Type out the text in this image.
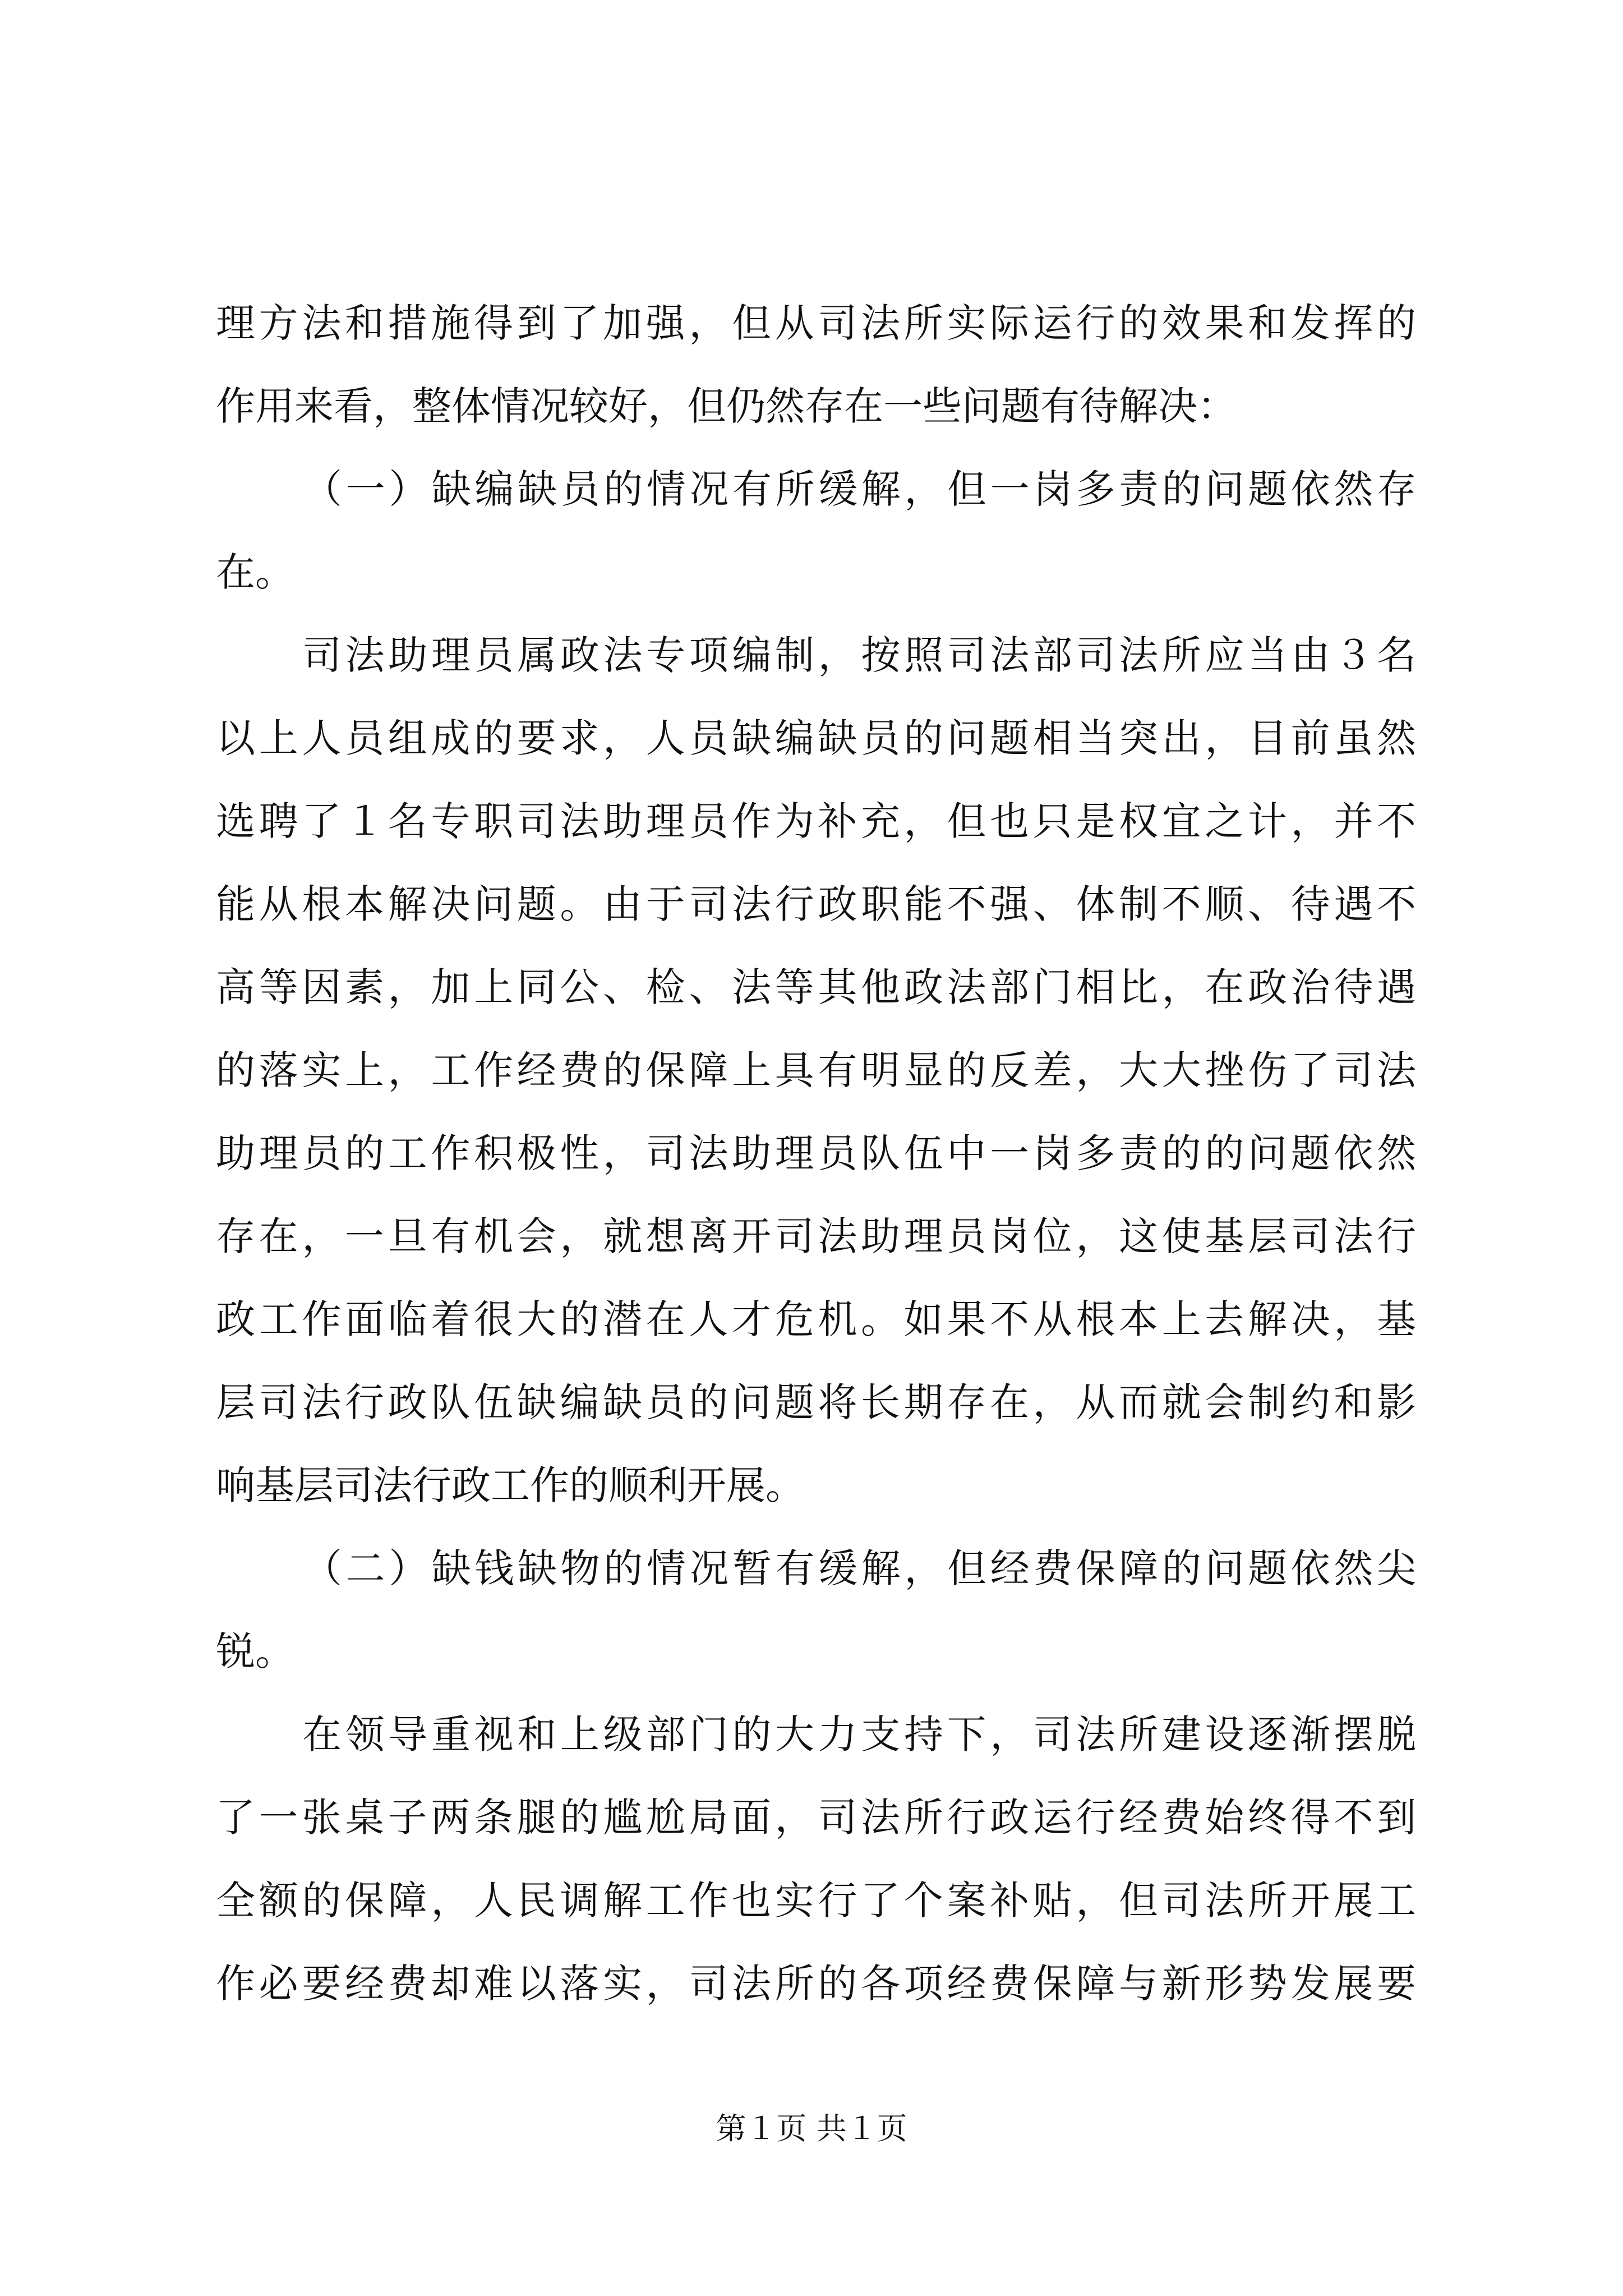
理方法和措施得到了加强，但从司法所实际运行的效果和发挥的
作用来看，整体情况较好，但仍然存在一些问题有待解决：
（一）缺编缺员的情况有所缓解，但一岗多责的问题依然存
在。
司法助理员属政法专项编制，按照司法部司法所应当由３名
以上人员组成的要求，人员缺编缺员的问题相当突出，目前虽然
选聘了１名专职司法助理员作为补充，但也只是权宜之计，并不
能从根本解决问题。由于司法行政职能不强、体制不顺、待遇不
高等因素，加上同公、检、法等其他政法部门相比，在政治待遇
的落实上，工作经费的保障上具有明显的反差，大大挫伤了司法
助理员的工作积极性，司法助理员队伍中一岗多责的的问题依然
存在，一旦有机会，就想离开司法助理员岗位，这使基层司法行
政工作面临着很大的潜在人才危机。如果不从根本上去解决，基
层司法行政队伍缺编缺员的问题将长期存在，从而就会制约和影
响基层司法行政工作的顺利开展。
（二）缺钱缺物的情况暂有缓解，但经费保障的问题依然尖
锐。
在领导重视和上级部门的大力支持下，司法所建设逐渐摆脱
了一张桌子两条腿的尴尬局面，司法所行政运行经费始终得不到
全额的保障，人民调解工作也实行了个案补贴，但司法所开展工
作必要经费却难以落实，司法所的各项经费保障与新形势发展要
第１页 共１页
